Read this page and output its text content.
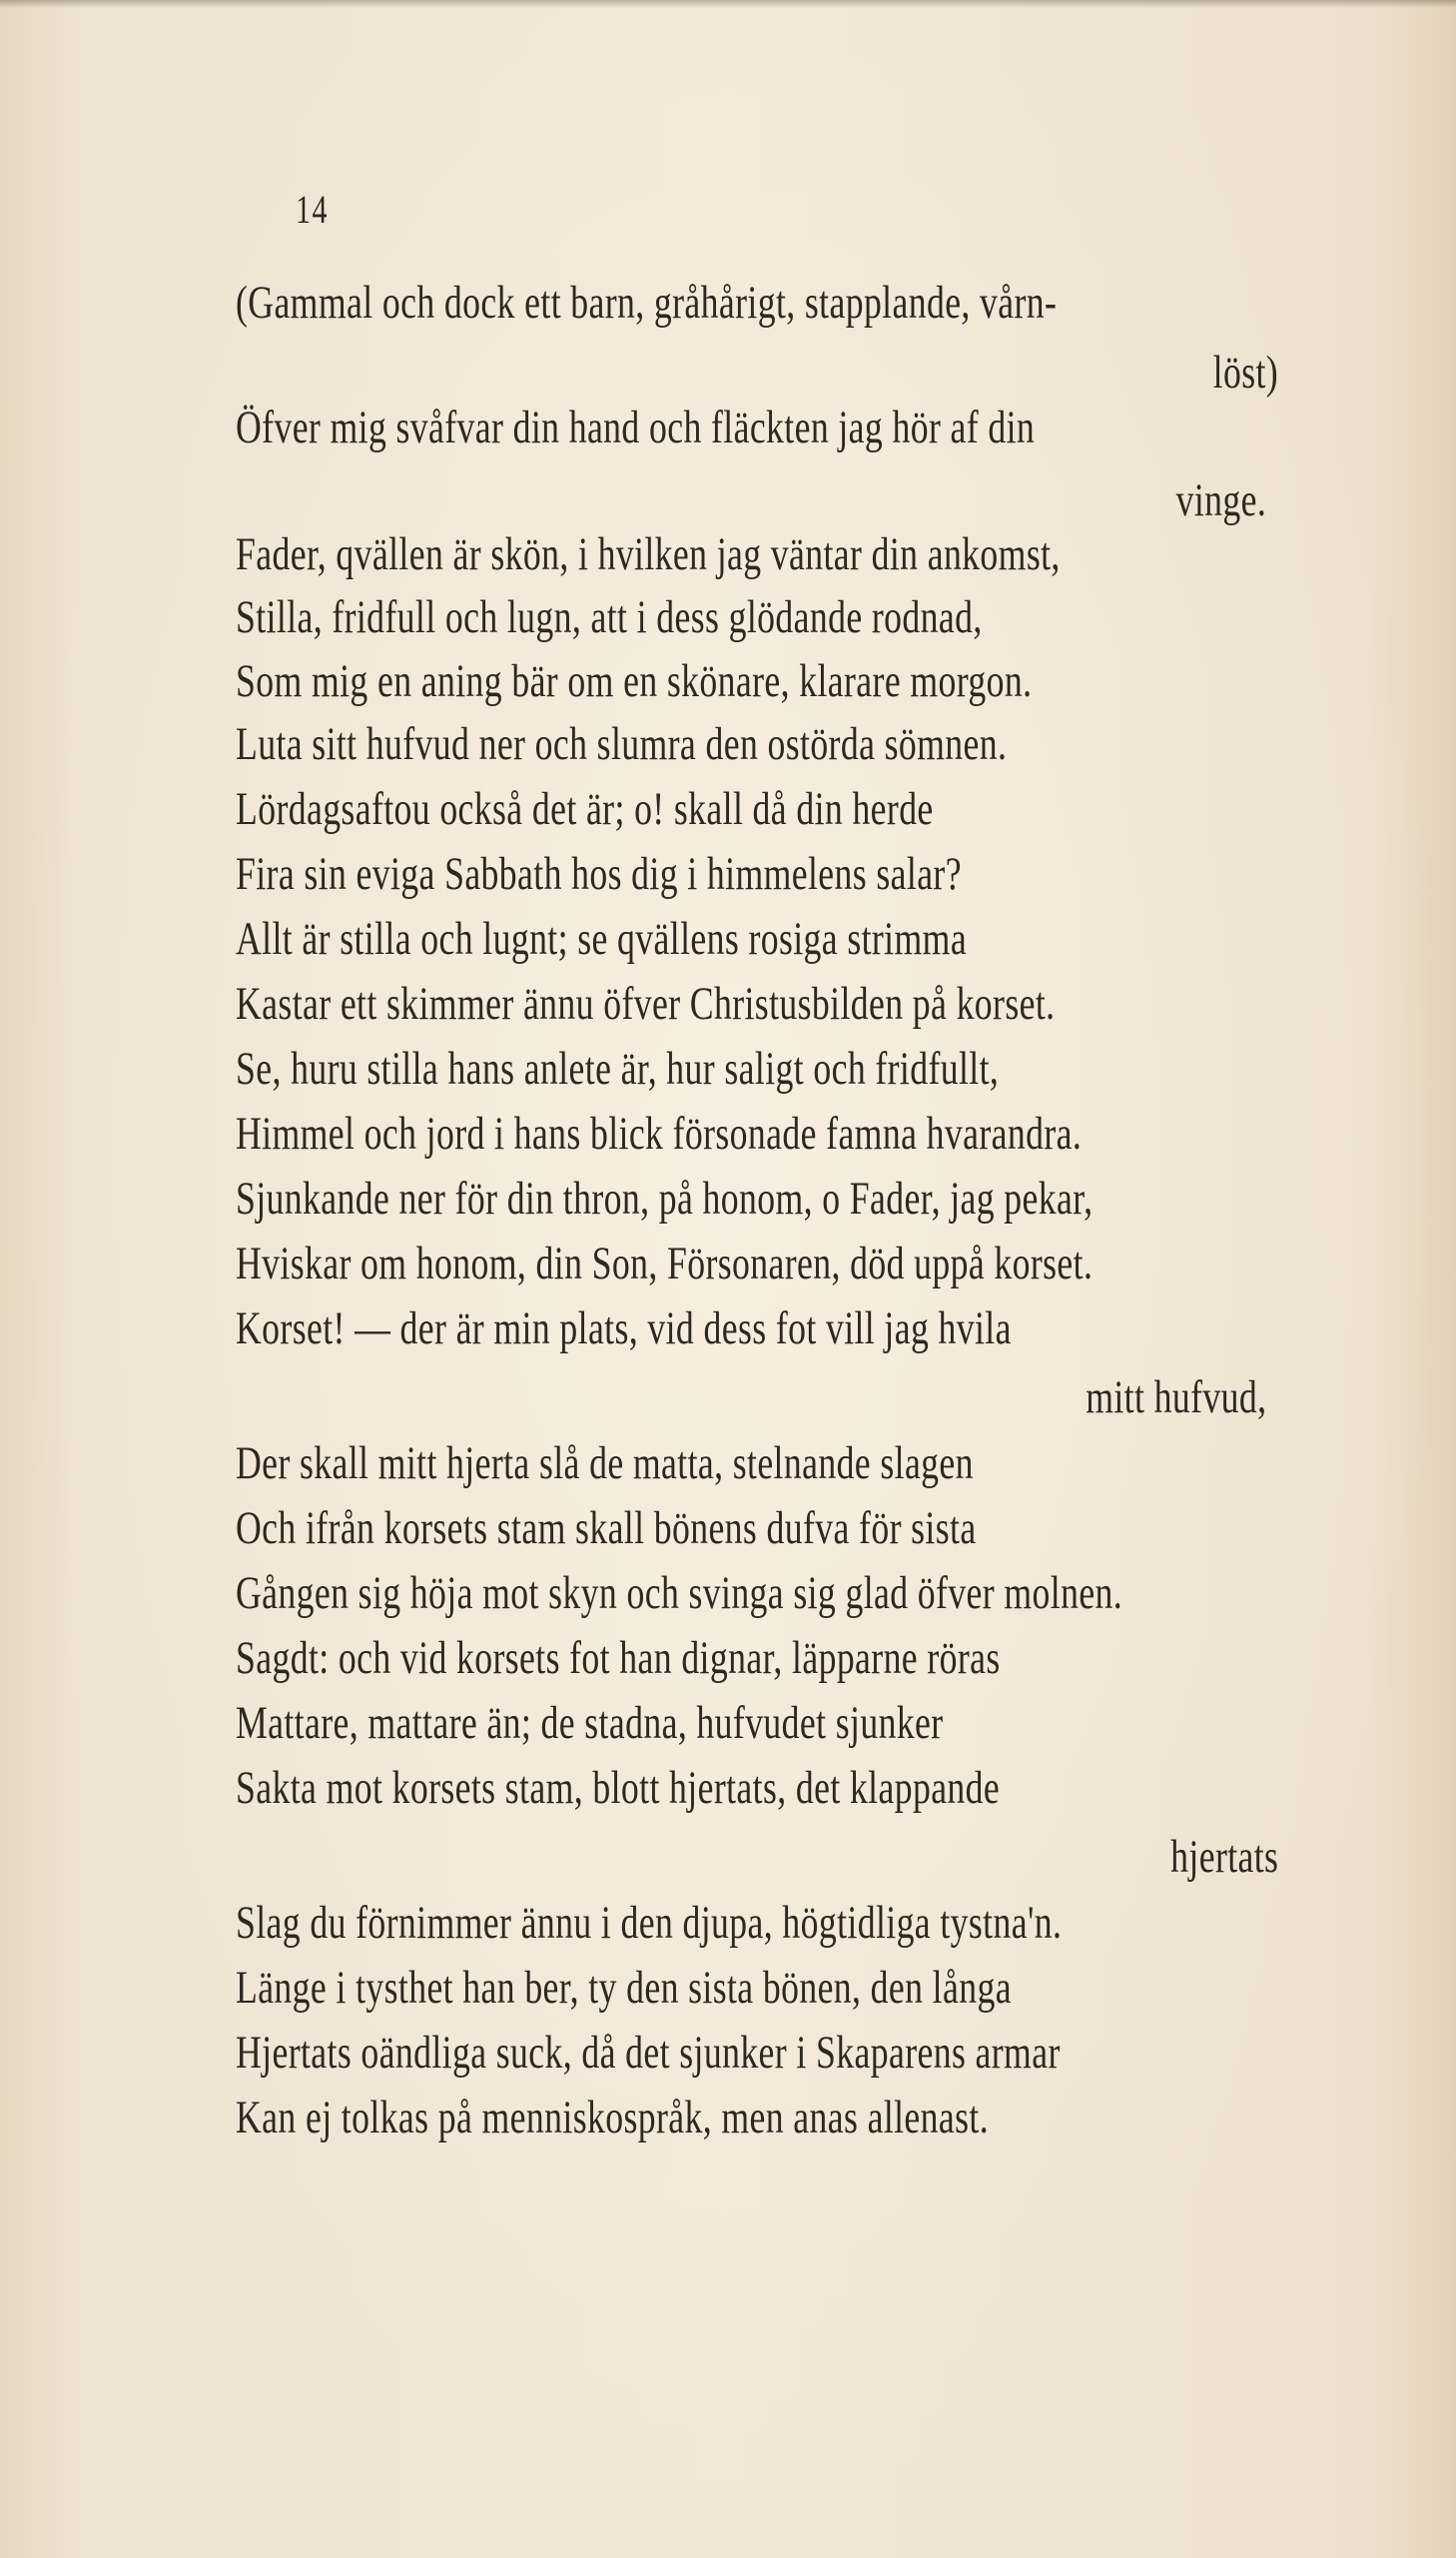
14
(Gammal och dock ett barn, gråhårigt, stapplande, vårn-
löst)
Öfver mig svåfvar din hand och fläckten jag hör af din
vinge.
Fader, qvällen är skön, i hvilken jag väntar din ankomst,
Stilla, fridfull och lugn, att i dess glödande rodnad,
Som mig en aning bär om en skönare, klarare morgon.
Luta sitt hufvud ner och slumra den ostörda sömnen.
Lördagsaftou också det är; o! skall då din herde
Fira sin eviga Sabbath hos dig i himmelens salar?
Allt är stilla och lugnt; se qvällens rosiga strimma
Kastar ett skimmer ännu öfver Christusbilden på korset.
Se, huru stilla hans anlete är, hur saligt och fridfullt,
Himmel och jord i hans blick försonade famna hvarandra.
Sjunkande ner för din thron, på honom, o Fader, jag pekar,
Hviskar om honom, din Son, Försonaren, död uppå korset.
Korset! — der är min plats, vid dess fot vill jag hvila
mitt hufvud,
Der skall mitt hjerta slå de matta, stelnande slagen
Och ifrån korsets stam skall bönens dufva för sista
Gången sig höja mot skyn och svinga sig glad öfver molnen.
Sagdt: och vid korsets fot han dignar, läpparne röras
Mattare, mattare än; de stadna, hufvudet sjunker
Sakta mot korsets stam, blott hjertats, det klappande
hjertats
Slag du förnimmer ännu i den djupa, högtidliga tystna'n.
Länge i tysthet han ber, ty den sista bönen, den långa
Hjertats oändliga suck, då det sjunker i Skaparens armar
Kan ej tolkas på menniskospråk, men anas allenast.
